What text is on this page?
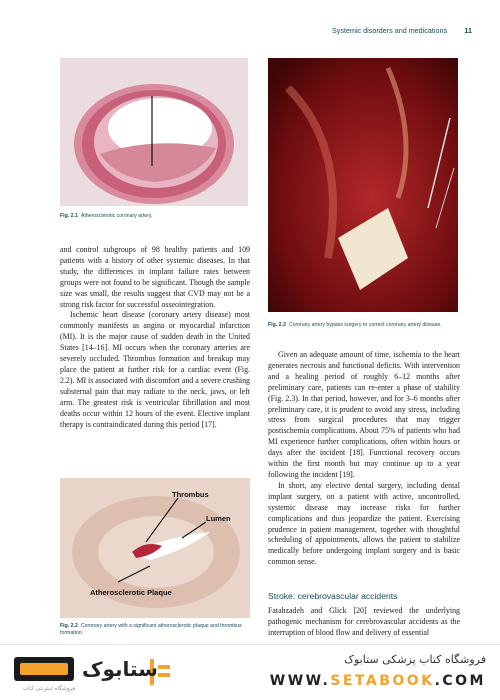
Systemic disorders and medications 11
Fig. 2.1 Atherosclerotic coronary artery.
Fig. 2.3 Coronary artery bypass surgery to correct coronary artery disease.

and control subgroups of 98 healthy patients and 109 patients with a history of other systemic diseases. In that study, the differences in implant failure rates between groups were not found to be significant. Though the sample size was small, the results suggest that CVD may not be a strong risk factor for successful osseointegration.

Ischemic heart disease (coronary artery disease) most commonly manifests as angina or myocardial infarction (MI). It is the major cause of sudden death in the United States [14–16]. MI occurs when the coronary arteries are severely occluded. Thrombus formation and breakup may place the patient at further risk for a cardiac event (Fig. 2.2). MI is associated with discomfort and a severe crushing substernal pain that may radiate to the neck, jaws, or left arm. The greatest risk is ventricular fibrillation and most deaths occur within 12 hours of the event. Elective implant therapy is contraindicated during this period [17].

Thrombus
Lumen
Atherosclerotic Plaque
Fig. 2.2 Coronary artery with a significant atherosclerotic plaque and thrombus formation.

Given an adequate amount of time, ischemia to the heart generates necrosis and functional deficits. With intervention and a healing period of roughly 6–12 months after preliminary care, patients can re-enter a phase of stability (Fig. 2.3). In that period, however, and for 3–6 months after preliminary care, it is prudent to avoid any stress, including stress from surgical procedures that may trigger postischemia complications. About 75% of patients who had MI experience further complications, often within hours or days after the incident [18]. Functional recovery occurs within the first month but may continue up to a year following the incident [19].

In short, any elective dental surgery, including dental implant surgery, on a patient with active, uncontrolled, systemic disease may increase risks for further complications and thus jeopardize the patient. Exercising prudence in patient management, together with thoughtful scheduling of appointments, allows the patient to stabilize medically before undergoing implant surgery and is basic common sense.

Stroke: cerebrovascular accidents

Fatahzadeh and Glick [20] reviewed the underlying pathogenic mechanism for cerebrovascular accidents as the interruption of blood flow and delivery of essential

ستابوک
فروشگاه اینترنتی کتاب
فروشگاه کتاب پزشکی ستابوک
WWW.SETABOOK.COM
